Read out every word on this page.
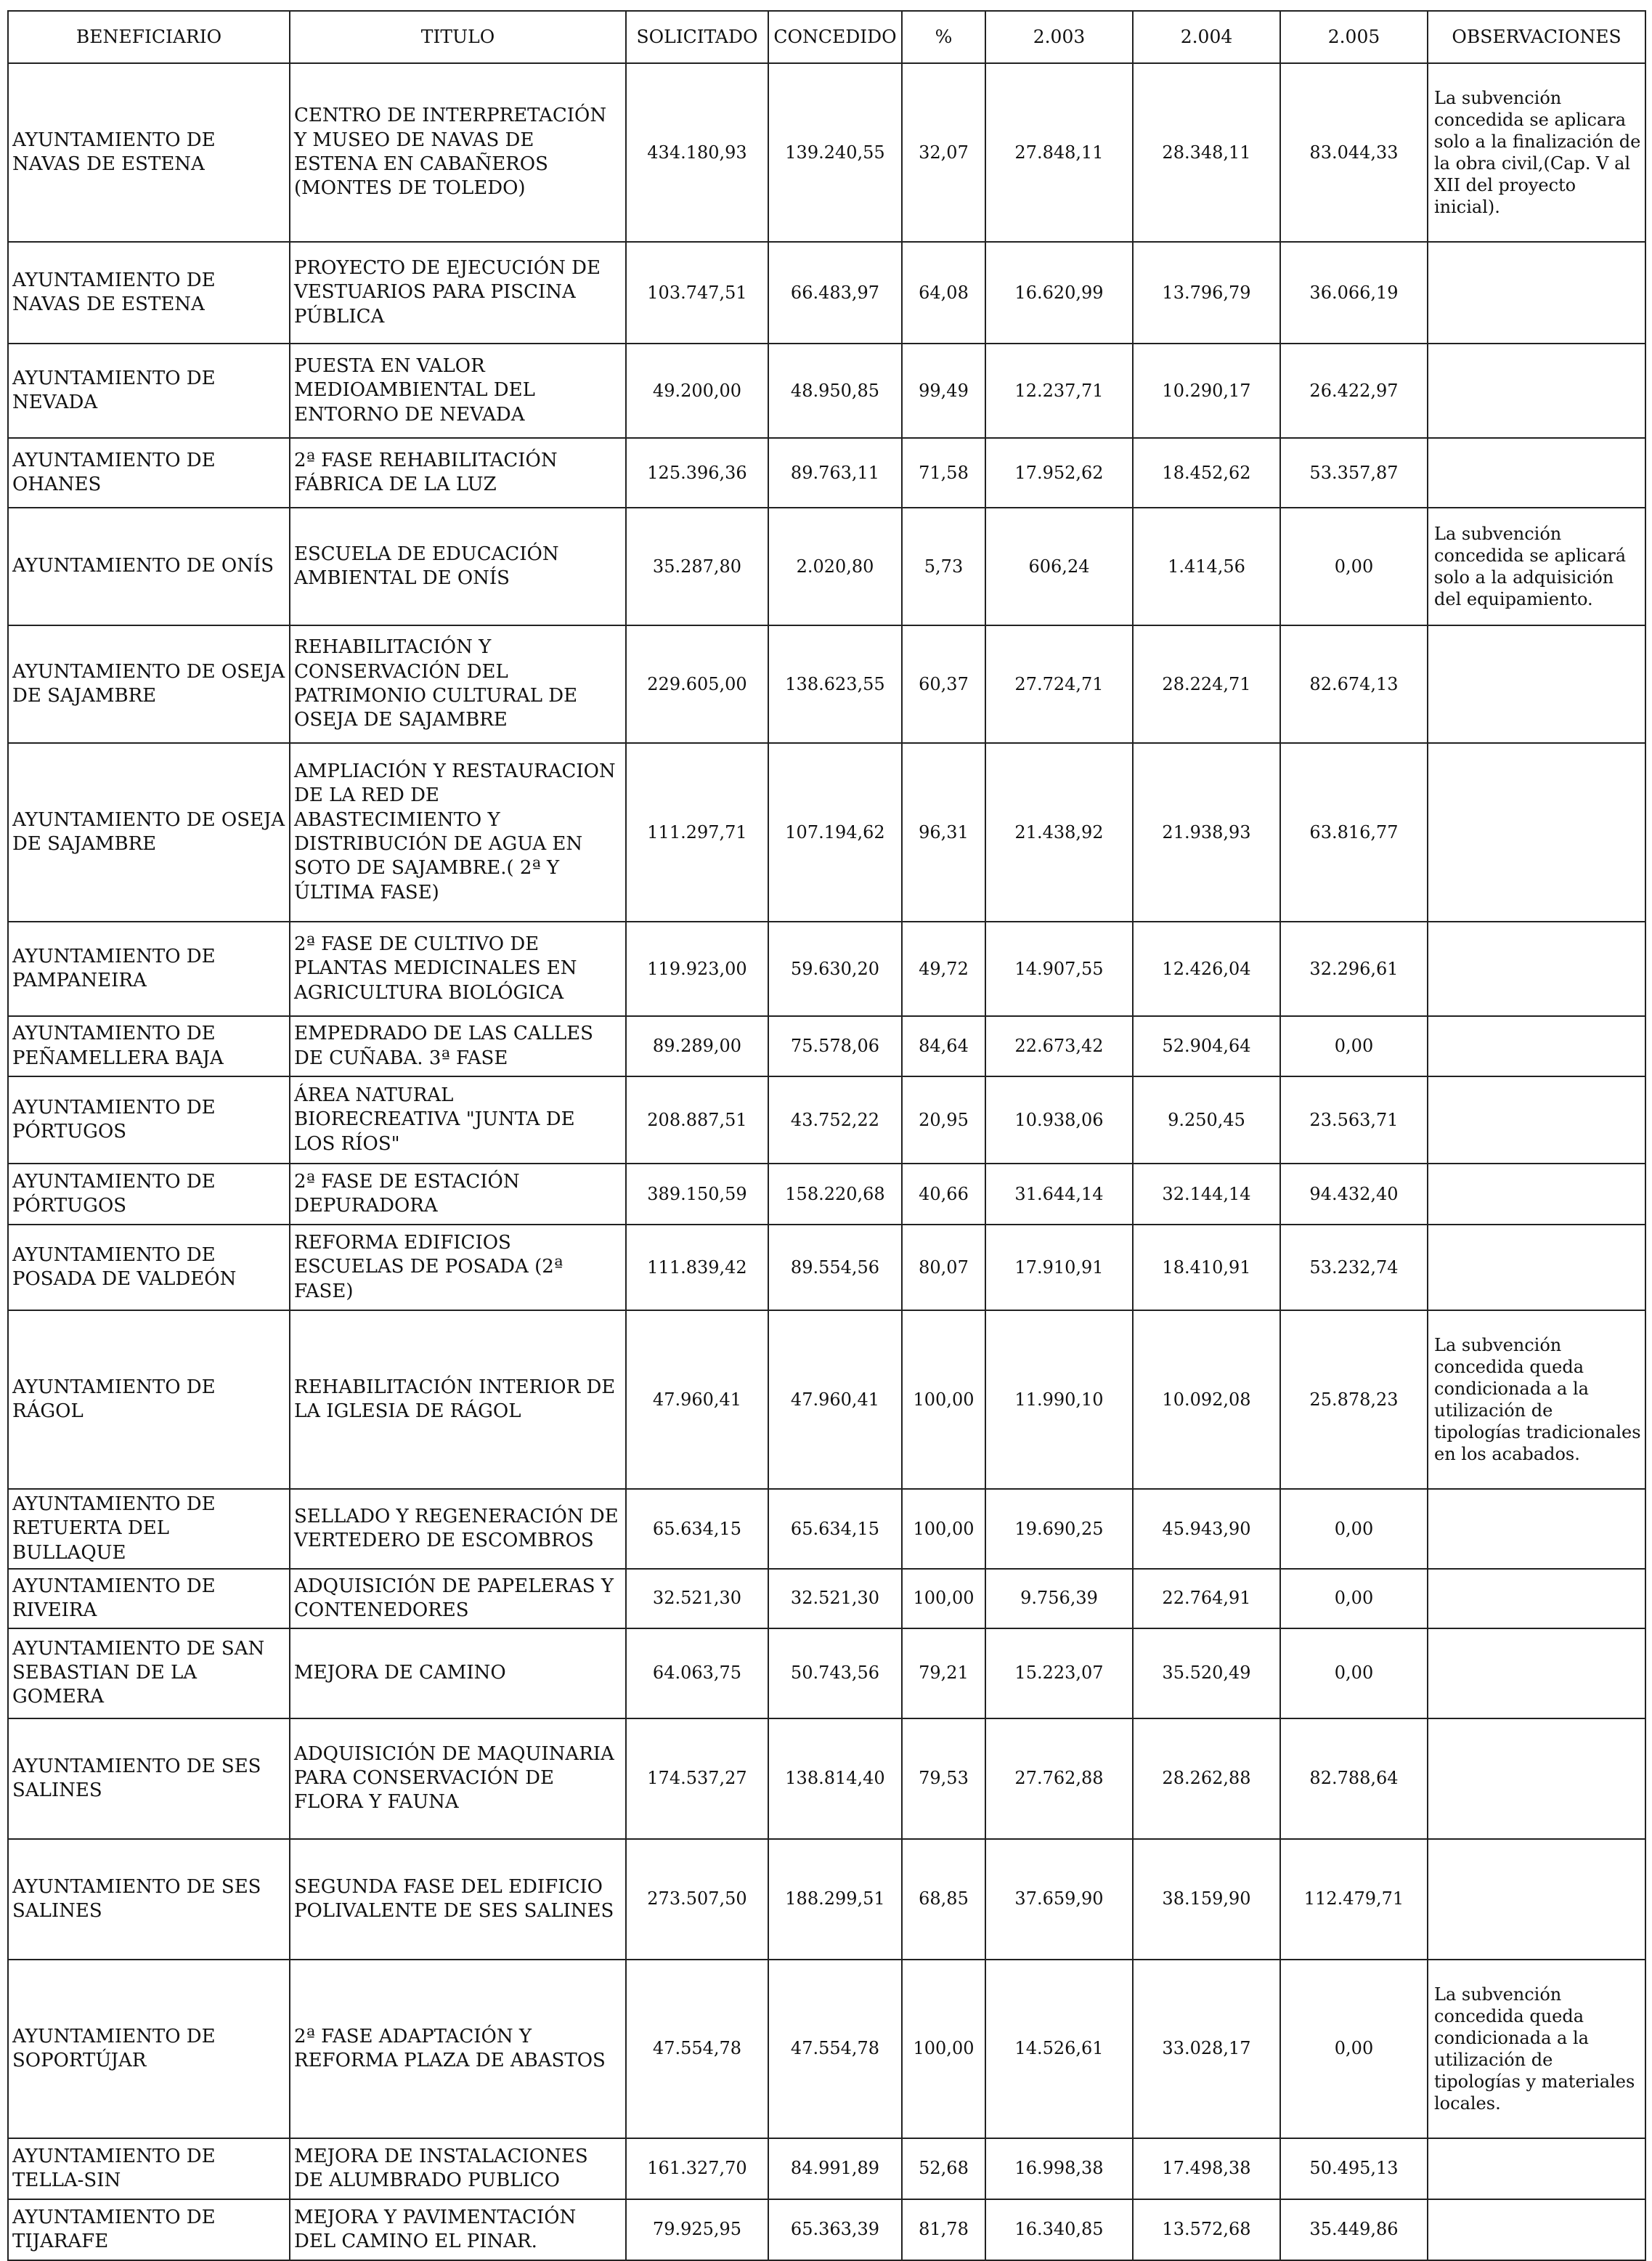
BENEFICIARIO	TITULO	SOLICITADO	CONCEDIDO	%	2.003	2.004	2.005	OBSERVACIONES
AYUNTAMIENTO DE NAVAS DE ESTENA	CENTRO DE INTERPRETACIÓN Y MUSEO DE NAVAS DE ESTENA EN CABAÑEROS (MONTES DE TOLEDO)	434.180,93	139.240,55	32,07	27.848,11	28.348,11	83.044,33	La subvención concedida se aplicara solo a la finalización de la obra civil,(Cap. V al XII del proyecto inicial).
AYUNTAMIENTO DE NAVAS DE ESTENA	PROYECTO DE EJECUCIÓN DE VESTUARIOS PARA PISCINA PÚBLICA	103.747,51	66.483,97	64,08	16.620,99	13.796,79	36.066,19	
AYUNTAMIENTO DE NEVADA	PUESTA EN VALOR MEDIOAMBIENTAL DEL ENTORNO DE NEVADA	49.200,00	48.950,85	99,49	12.237,71	10.290,17	26.422,97	
AYUNTAMIENTO DE OHANES	2ª FASE REHABILITACIÓN FÁBRICA DE LA LUZ	125.396,36	89.763,11	71,58	17.952,62	18.452,62	53.357,87	
AYUNTAMIENTO DE ONÍS	ESCUELA DE EDUCACIÓN AMBIENTAL DE ONÍS	35.287,80	2.020,80	5,73	606,24	1.414,56	0,00	La subvención concedida se aplicará solo a la adquisición del equipamiento.
AYUNTAMIENTO DE OSEJA DE SAJAMBRE	REHABILITACIÓN Y CONSERVACIÓN DEL PATRIMONIO CULTURAL DE OSEJA DE SAJAMBRE	229.605,00	138.623,55	60,37	27.724,71	28.224,71	82.674,13	
AYUNTAMIENTO DE OSEJA DE SAJAMBRE	AMPLIACIÓN Y RESTAURACION DE LA RED DE ABASTECIMIENTO Y DISTRIBUCIÓN DE AGUA EN SOTO DE SAJAMBRE.( 2ª Y ÚLTIMA FASE)	111.297,71	107.194,62	96,31	21.438,92	21.938,93	63.816,77	
AYUNTAMIENTO DE PAMPANEIRA	2ª FASE DE CULTIVO DE PLANTAS MEDICINALES EN AGRICULTURA BIOLÓGICA	119.923,00	59.630,20	49,72	14.907,55	12.426,04	32.296,61	
AYUNTAMIENTO DE PEÑAMELLERA BAJA	EMPEDRADO DE LAS CALLES DE CUÑABA. 3ª FASE	89.289,00	75.578,06	84,64	22.673,42	52.904,64	0,00	
AYUNTAMIENTO DE PÓRTUGOS	ÁREA NATURAL BIORECREATIVA "JUNTA DE LOS RÍOS"	208.887,51	43.752,22	20,95	10.938,06	9.250,45	23.563,71	
AYUNTAMIENTO DE PÓRTUGOS	2ª FASE DE ESTACIÓN DEPURADORA	389.150,59	158.220,68	40,66	31.644,14	32.144,14	94.432,40	
AYUNTAMIENTO DE POSADA DE VALDEÓN	REFORMA EDIFICIOS ESCUELAS DE POSADA (2ª FASE)	111.839,42	89.554,56	80,07	17.910,91	18.410,91	53.232,74	
AYUNTAMIENTO DE RÁGOL	REHABILITACIÓN INTERIOR DE LA IGLESIA DE RÁGOL	47.960,41	47.960,41	100,00	11.990,10	10.092,08	25.878,23	La subvención concedida queda condicionada a la utilización de tipologías tradicionales en los acabados.
AYUNTAMIENTO DE RETUERTA DEL BULLAQUE	SELLADO Y REGENERACIÓN DE VERTEDERO DE ESCOMBROS	65.634,15	65.634,15	100,00	19.690,25	45.943,90	0,00	
AYUNTAMIENTO DE RIVEIRA	ADQUISICIÓN DE PAPELERAS Y CONTENEDORES	32.521,30	32.521,30	100,00	9.756,39	22.764,91	0,00	
AYUNTAMIENTO DE SAN SEBASTIAN DE LA GOMERA	MEJORA DE CAMINO	64.063,75	50.743,56	79,21	15.223,07	35.520,49	0,00	
AYUNTAMIENTO DE SES SALINES	ADQUISICIÓN DE MAQUINARIA PARA CONSERVACIÓN DE FLORA Y FAUNA	174.537,27	138.814,40	79,53	27.762,88	28.262,88	82.788,64	
AYUNTAMIENTO DE SES SALINES	SEGUNDA FASE DEL EDIFICIO POLIVALENTE DE SES SALINES	273.507,50	188.299,51	68,85	37.659,90	38.159,90	112.479,71	
AYUNTAMIENTO DE SOPORTÚJAR	2ª FASE ADAPTACIÓN Y REFORMA PLAZA DE ABASTOS	47.554,78	47.554,78	100,00	14.526,61	33.028,17	0,00	La subvención concedida queda condicionada a la utilización de tipologías y materiales locales.
AYUNTAMIENTO DE TELLA-SIN	MEJORA DE INSTALACIONES DE ALUMBRADO PUBLICO	161.327,70	84.991,89	52,68	16.998,38	17.498,38	50.495,13	
AYUNTAMIENTO DE TIJARAFE	MEJORA Y PAVIMENTACIÓN DEL CAMINO EL PINAR.	79.925,95	65.363,39	81,78	16.340,85	13.572,68	35.449,86	
